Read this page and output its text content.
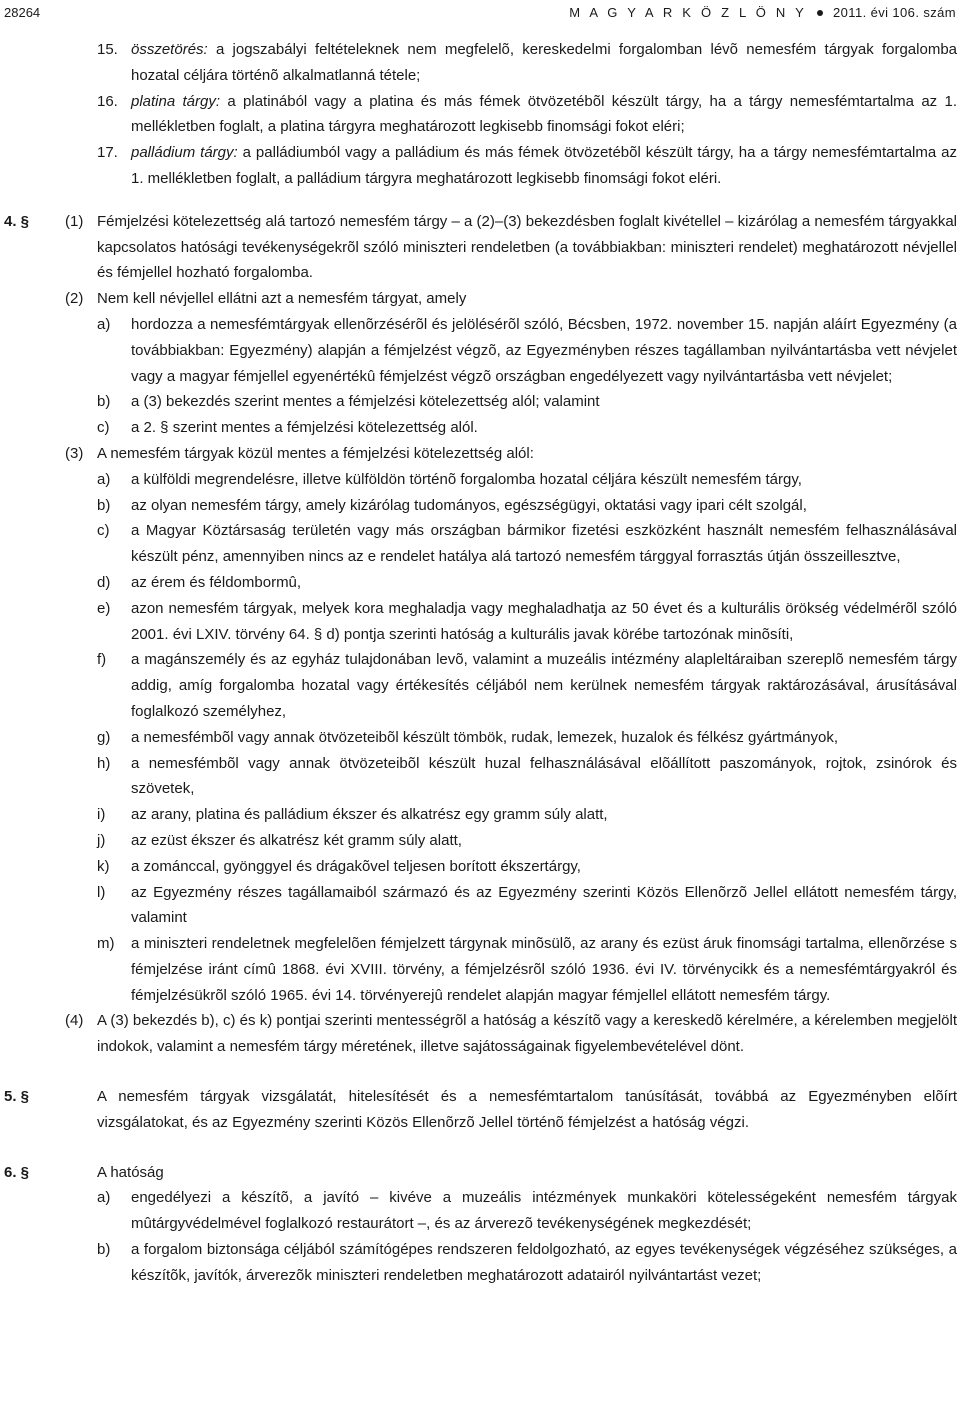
28264	M A G Y A R K Ö Z L Ö N Y 2011. évi 106. szám
15. összetörés: a jogszabályi feltételeknek nem megfelelõ, kereskedelmi forgalomban lévõ nemesfém tárgyak forgalomba hozatal céljára történõ alkalmatlanná tétele;
16. platina tárgy: a platinából vagy a platina és más fémek ötvözetébõl készült tárgy, ha a tárgy nemesfémtartalma az 1. mellékletben foglalt, a platina tárgyra meghatározott legkisebb finomsági fokot eléri;
17. palládium tárgy: a palládiumból vagy a palládium és más fémek ötvözetébõl készült tárgy, ha a tárgy nemesfémtartalma az 1. mellékletben foglalt, a palládium tárgyra meghatározott legkisebb finomsági fokot eléri.
4. §	(1) Fémjelzési kötelezettség alá tartozó nemesfém tárgy – a (2)–(3) bekezdésben foglalt kivétellel – kizárólag a nemesfém tárgyakkal kapcsolatos hatósági tevékenységekrõl szóló miniszteri rendeletben (a továbbiakban: miniszteri rendelet) meghatározott névjellel és fémjellel hozható forgalomba.
(2) Nem kell névjellel ellátni azt a nemesfém tárgyat, amely
a)	hordozza a nemesfémtárgyak ellenõrzésérõl és jelölésérõl szóló, Bécsben, 1972. november 15. napján aláírt Egyezmény (a továbbiakban: Egyezmény) alapján a fémjelzést végzõ, az Egyezményben részes tagállamban nyilvántartásba vett névjelet vagy a magyar fémjellel egyenértékû fémjelzést végzõ országban engedélyezett vagy nyilvántartásba vett névjelet;
b)	a (3) bekezdés szerint mentes a fémjelzési kötelezettség alól; valamint
c)	a 2. § szerint mentes a fémjelzési kötelezettség alól.
(3) A nemesfém tárgyak közül mentes a fémjelzési kötelezettség alól:
a)	a külföldi megrendelésre, illetve külföldön történõ forgalomba hozatal céljára készült nemesfém tárgy,
b)	az olyan nemesfém tárgy, amely kizárólag tudományos, egészségügyi, oktatási vagy ipari célt szolgál,
c)	a Magyar Köztársaság területén vagy más országban bármikor fizetési eszközként használt nemesfém felhasználásával készült pénz, amennyiben nincs az e rendelet hatálya alá tartozó nemesfém tárggyal forrasztás útján összeillesztve,
d)	az érem és féldombormû,
e)	azon nemesfém tárgyak, melyek kora meghaladja vagy meghaladhatja az 50 évet és a kulturális örökség védelmérõl szóló 2001. évi LXIV. törvény 64. § d) pontja szerinti hatóság a kulturális javak körébe tartozónak minõsíti,
f)	a magánszemély és az egyház tulajdonában levõ, valamint a muzeális intézmény alapleltáraiban szereplõ nemesfém tárgy addig, amíg forgalomba hozatal vagy értékesítés céljából nem kerülnek nemesfém tárgyak raktározásával, árusításával foglalkozó személyhez,
g)	a nemesfémbõl vagy annak ötvözeteibõl készült tömbök, rudak, lemezek, huzalok és félkész gyártmányok,
h)	a nemesfémbõl vagy annak ötvözeteibõl készült huzal felhasználásával elõállított paszományok, rojtok, zsinórok és szövetek,
i)	az arany, platina és palládium ékszer és alkatrész egy gramm súly alatt,
j)	az ezüst ékszer és alkatrész két gramm súly alatt,
k)	a zománccal, gyönggyel és drágakõvel teljesen borított ékszertárgy,
l)	az Egyezmény részes tagállamaiból származó és az Egyezmény szerinti Közös Ellenõrzõ Jellel ellátott nemesfém tárgy, valamint
m)	a miniszteri rendeletnek megfelelõen fémjelzett tárgynak minõsülõ, az arany és ezüst áruk finomsági tartalma, ellenõrzése s fémjelzése iránt címû 1868. évi XVIII. törvény, a fémjelzésrõl szóló 1936. évi IV. törvénycikk és a nemesfémtárgyakról és fémjelzésükrõl szóló 1965. évi 14. törvényerejû rendelet alapján magyar fémjellel ellátott nemesfém tárgy.
(4) A (3) bekezdés b), c) és k) pontjai szerinti mentességrõl a hatóság a készítõ vagy a kereskedõ kérelmére, a kérelemben megjelölt indokok, valamint a nemesfém tárgy méretének, illetve sajátosságainak figyelembevételével dönt.
5. §	A nemesfém tárgyak vizsgálatát, hitelesítését és a nemesfémtartalom tanúsítását, továbbá az Egyezményben elõírt vizsgálatokat, és az Egyezmény szerinti Közös Ellenõrzõ Jellel történõ fémjelzést a hatóság végzi.
6. §	A hatóság
a)	engedélyezi a készítõ, a javító – kivéve a muzeális intézmények munkaköri kötelességeként nemesfém tárgyak mûtárgyvédelmével foglalkozó restaurátort –, és az árverezõ tevékenységének megkezdését;
b)	a forgalom biztonsága céljából számítógépes rendszeren feldolgozható, az egyes tevékenységek végzéséhez szükséges, a készítõk, javítók, árverezõk miniszteri rendeletben meghatározott adatairól nyilvántartást vezet;
